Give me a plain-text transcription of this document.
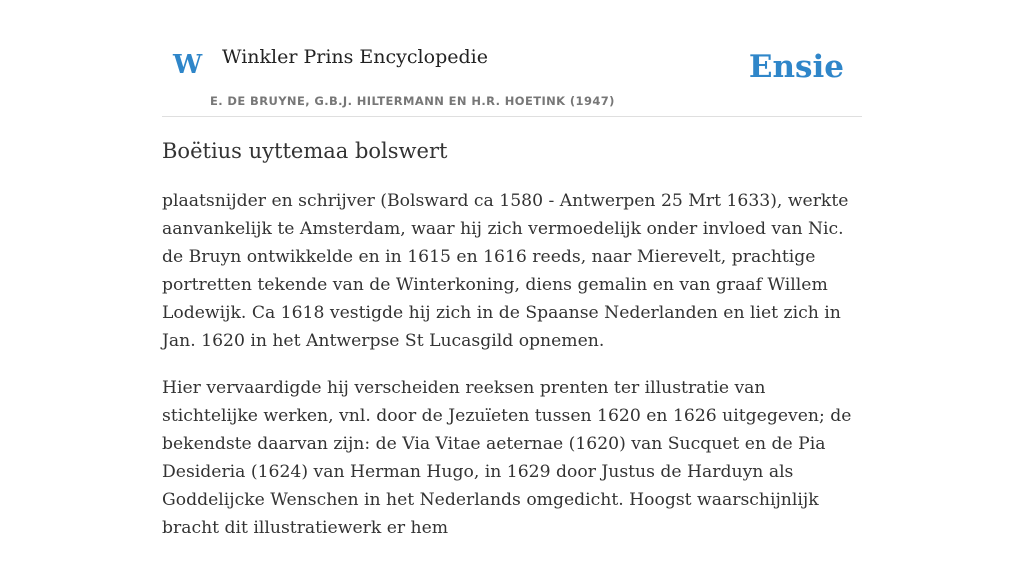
W Winkler Prins Encyclopedie
E. DE BRUYNE, G.B.J. HILTERMANN EN H.R. HOETINK (1947)
Ensie
Boëtius uyttemaa bolswert

plaatsnijder en schrijver (Bolsward ca 1580 - Antwerpen 25 Mrt 1633), werkte aanvankelijk te Amsterdam, waar hij zich vermoedelijk onder invloed van Nic. de Bruyn ontwikkelde en in 1615 en 1616 reeds, naar Mierevelt, prachtige portretten tekende van de Winterkoning, diens gemalin en van graaf Willem Lodewijk. Ca 1618 vestigde hij zich in de Spaanse Nederlanden en liet zich in Jan. 1620 in het Antwerpse St Lucasgild opnemen.

Hier vervaardigde hij verscheiden reeksen prenten ter illustratie van stichtelijke werken, vnl. door de Jezuïeten tussen 1620 en 1626 uitgegeven; de bekendste daarvan zijn: de Via Vitae aeternae (1620) van Sucquet en de Pia Desideria (1624) van Herman Hugo, in 1629 door Justus de Harduyn als Goddelijcke Wenschen in het Nederlands omgedicht. Hoogst waarschijnlijk bracht dit illustratiewerk er hem
